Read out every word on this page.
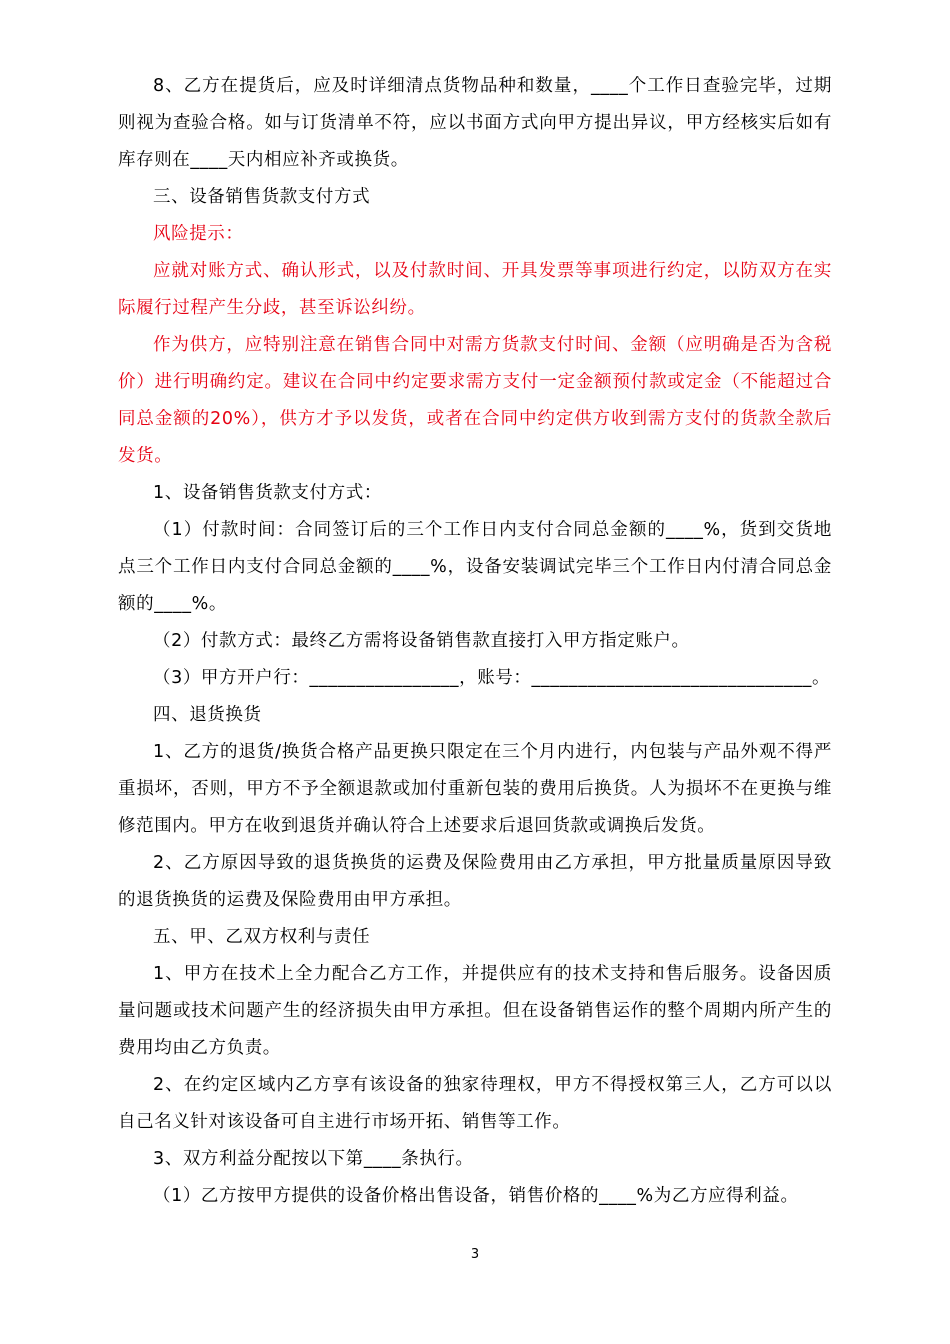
8、乙方在提货后，应及时详细清点货物品种和数量，____个工作日查验完毕，过期则视为查验合格。如与订货清单不符，应以书面方式向甲方提出异议，甲方经核实后如有库存则在____天内相应补齐或换货。

三、设备销售货款支付方式

风险提示：

应就对账方式、确认形式，以及付款时间、开具发票等事项进行约定，以防双方在实际履行过程产生分歧，甚至诉讼纠纷。

作为供方，应特别注意在销售合同中对需方货款支付时间、金额（应明确是否为含税价）进行明确约定。建议在合同中约定要求需方支付一定金额预付款或定金（不能超过合同总金额的20%），供方才予以发货，或者在合同中约定供方收到需方支付的货款全款后发货。

1、设备销售货款支付方式：

（1）付款时间：合同签订后的三个工作日内支付合同总金额的____%，货到交货地点三个工作日内支付合同总金额的____%，设备安装调试完毕三个工作日内付清合同总金额的____%。

（2）付款方式：最终乙方需将设备销售款直接打入甲方指定账户。

（3）甲方开户行：________________，账号：______________________________。

四、退货换货

1、乙方的退货/换货合格产品更换只限定在三个月内进行，内包装与产品外观不得严重损坏，否则，甲方不予全额退款或加付重新包装的费用后换货。人为损坏不在更换与维修范围内。甲方在收到退货并确认符合上述要求后退回货款或调换后发货。

2、乙方原因导致的退货换货的运费及保险费用由乙方承担，甲方批量质量原因导致的退货换货的运费及保险费用由甲方承担。

五、甲、乙双方权利与责任

1、甲方在技术上全力配合乙方工作，并提供应有的技术支持和售后服务。设备因质量问题或技术问题产生的经济损失由甲方承担。但在设备销售运作的整个周期内所产生的费用均由乙方负责。

2、在约定区域内乙方享有该设备的独家待理权，甲方不得授权第三人，乙方可以以自己名义针对该设备可自主进行市场开拓、销售等工作。

3、双方利益分配按以下第____条执行。

（1）乙方按甲方提供的设备价格出售设备，销售价格的____%为乙方应得利益。

3
